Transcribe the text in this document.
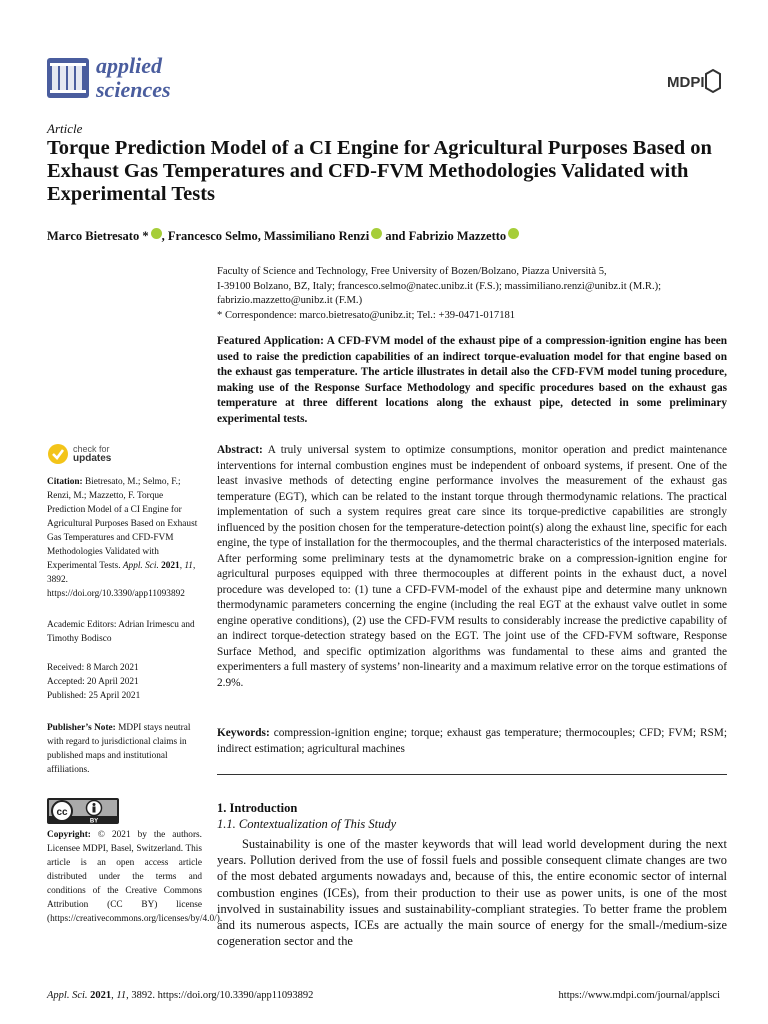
applied
sciences	MDPI
Article
Torque Prediction Model of a CI Engine for Agricultural Purposes Based on Exhaust Gas Temperatures and CFD-FVM Methodologies Validated with Experimental Tests
Marco Bietresato * , Francesco Selmo, Massimiliano Renzi and Fabrizio Mazzetto
Faculty of Science and Technology, Free University of Bozen/Bolzano, Piazza Università 5,
I-39100 Bolzano, BZ, Italy; francesco.selmo@natec.unibz.it (F.S.); massimiliano.renzi@unibz.it (M.R.);
fabrizio.mazzetto@unibz.it (F.M.)
* Correspondence: marco.bietresato@unibz.it; Tel.: +39-0471-017181
Featured Application: A CFD-FVM model of the exhaust pipe of a compression-ignition engine has been used to raise the prediction capabilities of an indirect torque-evaluation model for that engine based on the exhaust gas temperature. The article illustrates in detail also the CFD-FVM model tuning procedure, making use of the Response Surface Methodology and specific procedures based on the exhaust gas temperature at three different locations along the exhaust pipe, detected in some preliminary experimental tests.
Abstract: A truly universal system to optimize consumptions, monitor operation and predict maintenance interventions for internal combustion engines must be independent of onboard systems, if present. One of the least invasive methods of detecting engine performance involves the measurement of the exhaust gas temperature (EGT), which can be related to the instant torque through thermodynamic relations. The practical implementation of such a system requires great care since its torque-predictive capabilities are strongly influenced by the position chosen for the temperature-detection point(s) along the exhaust line, specific for each engine, the type of installation for the thermocouples, and the thermal characteristics of the interposed materials. After performing some preliminary tests at the dynamometric brake on a compression-ignition engine for agricultural purposes equipped with three thermocouples at different points in the exhaust duct, a novel procedure was developed to: (1) tune a CFD-FVM-model of the exhaust pipe and determine many unknown thermodynamic parameters concerning the engine (including the real EGT at the exhaust valve outlet in some engine operative conditions), (2) use the CFD-FVM results to considerably increase the predictive capability of an indirect torque-detection strategy based on the EGT. The joint use of the CFD-FVM software, Response Surface Method, and specific optimization algorithms was fundamental to these aims and granted the experimenters a full mastery of systems’ non-linearity and a maximum relative error on the torque estimations of 2.9%.
Keywords: compression-ignition engine; torque; exhaust gas temperature; thermocouples; CFD; FVM; RSM; indirect estimation; agricultural machines
1. Introduction
1.1. Contextualization of This Study
Sustainability is one of the master keywords that will lead world development during the next years. Pollution derived from the use of fossil fuels and possible consequent climate changes are two of the most debated arguments nowadays and, because of this, the entire economic sector of internal combustion engines (ICEs), from their production to their use as power units, is one of the most involved in sustainability issues and sustainability-compliant strategies. To better frame the problem and its numerous aspects, ICEs are actually the main source of energy for the small-/medium-size cogeneration sector and the
check for
updates
Citation: Bietresato, M.; Selmo, F.; Renzi, M.; Mazzetto, F. Torque Prediction Model of a CI Engine for Agricultural Purposes Based on Exhaust Gas Temperatures and CFD-FVM Methodologies Validated with Experimental Tests. Appl. Sci. 2021, 11, 3892. https://doi.org/10.3390/app11093892
Academic Editors: Adrian Irimescu and Timothy Bodisco
Received: 8 March 2021
Accepted: 20 April 2021
Published: 25 April 2021
Publisher’s Note: MDPI stays neutral with regard to jurisdictional claims in published maps and institutional affiliations.
cc
BY
Copyright: © 2021 by the authors. Licensee MDPI, Basel, Switzerland. This article is an open access article distributed under the terms and conditions of the Creative Commons Attribution (CC BY) license (https://creativecommons.org/licenses/by/4.0/).
Appl. Sci. 2021, 11, 3892. https://doi.org/10.3390/app11093892	https://www.mdpi.com/journal/applsci
